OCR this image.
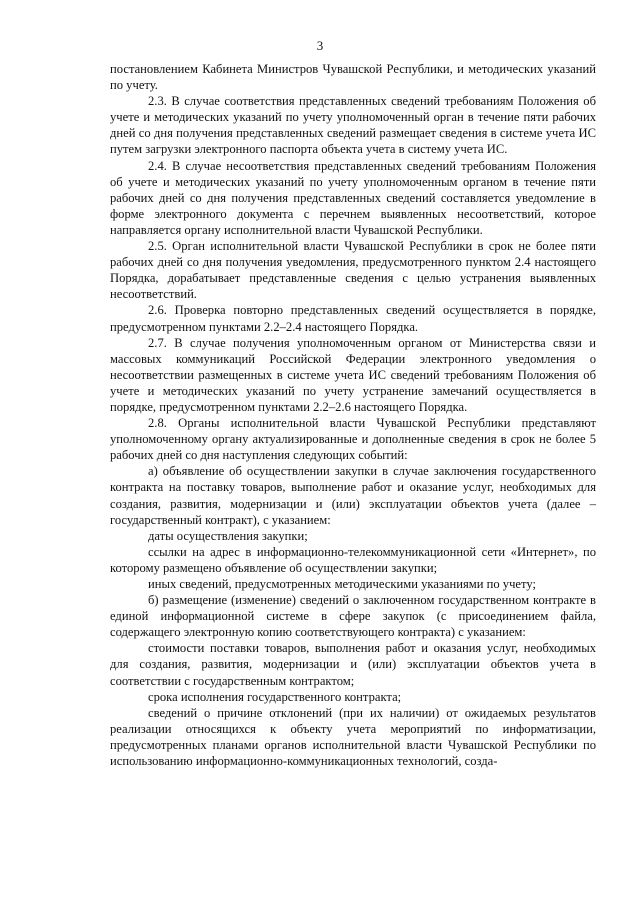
3

постановлением Кабинета Министров Чувашской Республики, и методических указаний по учету.

2.3. В случае соответствия представленных сведений требованиям Положения об учете и методических указаний по учету уполномоченный орган в течение пяти рабочих дней со дня получения представленных сведений размещает сведения в системе учета ИС путем загрузки электронного паспорта объекта учета в систему учета ИС.

2.4. В случае несоответствия представленных сведений требованиям Положения об учете и методических указаний по учету уполномоченным органом в течение пяти рабочих дней со дня получения представленных сведений составляется уведомление в форме электронного документа с перечнем выявленных несоответствий, которое направляется органу исполнительной власти Чувашской Республики.

2.5. Орган исполнительной власти Чувашской Республики в срок не более пяти рабочих дней со дня получения уведомления, предусмотренного пунктом 2.4 настоящего Порядка, дорабатывает представленные сведения с целью устранения выявленных несоответствий.

2.6. Проверка повторно представленных сведений осуществляется в порядке, предусмотренном пунктами 2.2–2.4 настоящего Порядка.

2.7. В случае получения уполномоченным органом от Министерства связи и массовых коммуникаций Российской Федерации электронного уведомления о несоответствии размещенных в системе учета ИС сведений требованиям Положения об учете и методических указаний по учету устранение замечаний осуществляется в порядке, предусмотренном пунктами 2.2–2.6 настоящего Порядка.

2.8. Органы исполнительной власти Чувашской Республики представляют уполномоченному органу актуализированные и дополненные сведения в срок не более 5 рабочих дней со дня наступления следующих событий:

а) объявление об осуществлении закупки в случае заключения государственного контракта на поставку товаров, выполнение работ и оказание услуг, необходимых для создания, развития, модернизации и (или) эксплуатации объектов учета (далее – государственный контракт), с указанием:

даты осуществления закупки;

ссылки на адрес в информационно-телекоммуникационной сети «Интернет», по которому размещено объявление об осуществлении закупки;

иных сведений, предусмотренных методическими указаниями по учету;

б) размещение (изменение) сведений о заключенном государственном контракте в единой информационной системе в сфере закупок (с присоединением файла, содержащего электронную копию соответствующего контракта) с указанием:

стоимости поставки товаров, выполнения работ и оказания услуг, необходимых для создания, развития, модернизации и (или) эксплуатации объектов учета в соответствии с государственным контрактом;

срока исполнения государственного контракта;

сведений о причине отклонений (при их наличии) от ожидаемых результатов реализации относящихся к объекту учета мероприятий по информатизации, предусмотренных планами органов исполнительной власти Чувашской Республики по использованию информационно-коммуникационных технологий, созда-
